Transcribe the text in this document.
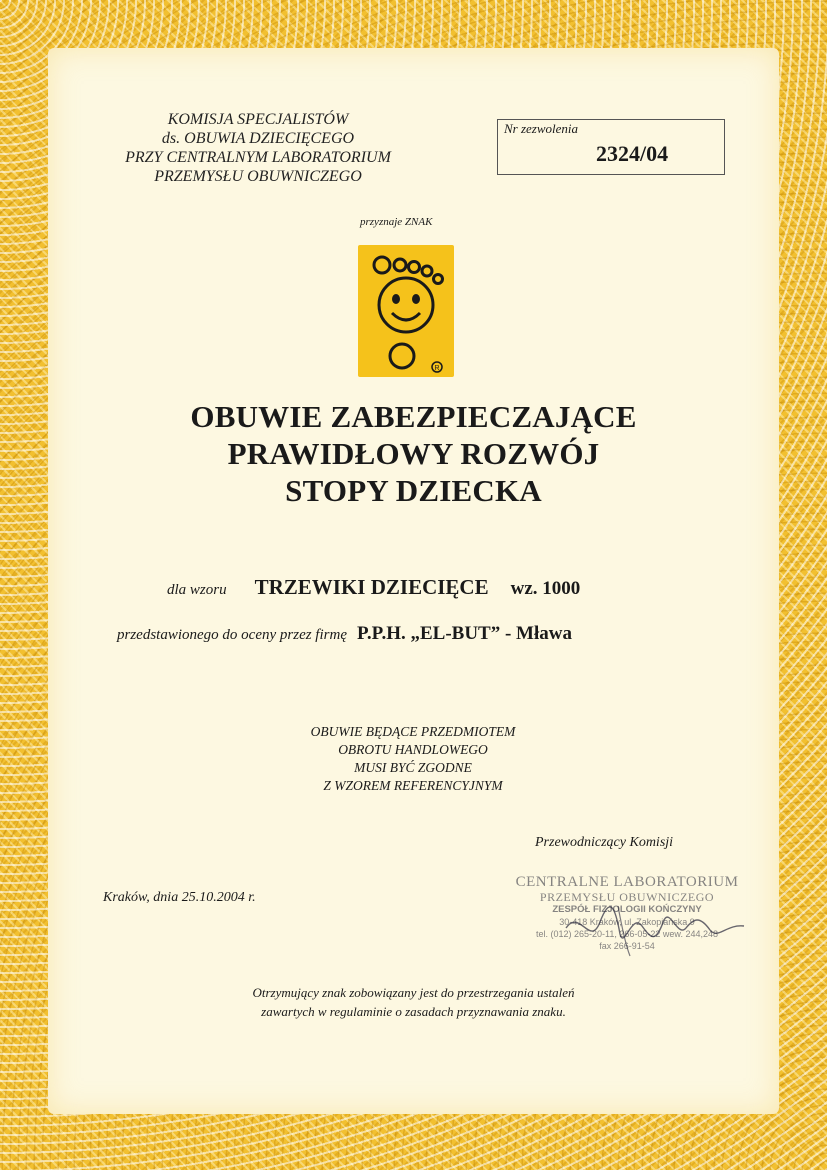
KOMISJA SPECJALISTÓW
ds. OBUWIA DZIECIĘCEGO
PRZY CENTRALNYM LABORATORIUM
PRZEMYSŁU OBUWNICZEGO
Nr zezwolenia
2324/04
przyznaje ZNAK
R
OBUWIE ZABEZPIECZAJĄCE
PRAWIDŁOWY ROZWÓJ
STOPY DZIECKA
dla wzoru TRZEWIKI DZIECIĘCE wz. 1000
przedstawionego do oceny przez firmę P.P.H. „EL-BUT” - Mława
OBUWIE BĘDĄCE PRZEDMIOTEM
OBROTU HANDLOWEGO
MUSI BYĆ ZGODNE
Z WZOREM REFERENCYJNYM
Przewodniczący Komisji
Kraków, dnia 25.10.2004 r.
CENTRALNE LABORATORIUM
PRZEMYSŁU OBUWNICZEGO
ZESPÓŁ FIZJOLOGII KOŃCZYNY
30-418 Kraków, ul. Zakopiańska 9
tel. (012) 265-20-11, 266-05-22 wew. 244,248
fax 266-91-54
Otrzymujący znak zobowiązany jest do przestrzegania ustaleń
zawartych w regulaminie o zasadach przyznawania znaku.
